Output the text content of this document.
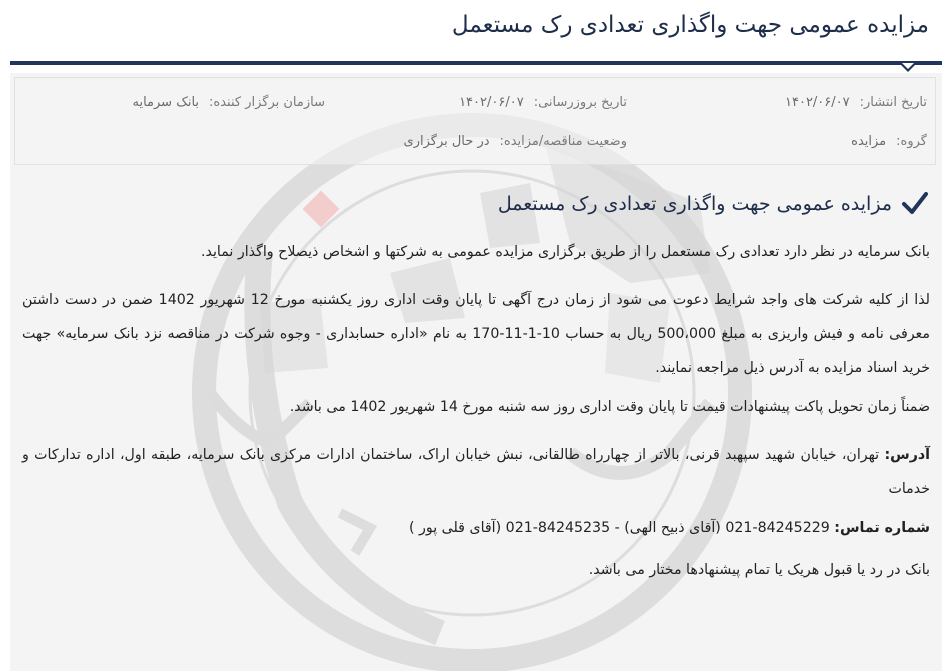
مزایده عمومی جهت واگذاری تعدادی رک مستعمل
‌
تاریخ انتشار:۱۴۰۲/۰۶/۰۷
تاریخ بروزرسانی:۱۴۰۲/۰۶/۰۷
سازمان برگزار کننده:بانک سرمایه
گروه:مزایده
وضعیت مناقصه/مزایده:در حال برگزاری
مزایده عمومی جهت واگذاری تعدادی رک مستعمل

بانک سرمایه در نظر دارد تعدادی رک مستعمل را از طریق برگزاری مزایده عمومی به شرکتها و اشخاص ذیصلاح واگذار نماید.

لذا از کلیه شرکت های واجد شرایط دعوت می شود از زمان درج آگهی تا پایان وقت اداری روز یکشنبه مورخ 12 شهریور 1402 ضمن در دست داشتن معرفی نامه و فیش واریزی به مبلغ 500،000 ریال به حساب 10-1-11-170 به نام «اداره حسابداری - وجوه شرکت در مناقصه نزد بانک سرمایه» جهت خرید اسناد مزایده به آدرس ذیل مراجعه نمایند.

ضمناً زمان تحویل پاکت پیشنهادات قیمت تا پایان وقت اداری روز سه شنبه مورخ 14 شهریور 1402 می باشد.

آدرس: تهران، خیابان شهید سپهبد قرنی، بالاتر از چهارراه طالقانی، نبش خیابان اراک، ساختمان ادارات مرکزی بانک سرمایه، طبقه اول، اداره تدارکات و خدمات

شماره تماس: 84245229-021 (آقای ذبیح الهی) - 84245235-021 (آقای قلی پور )

بانک در رد یا قبول هریک یا تمام پیشنهادها مختار می باشد.
